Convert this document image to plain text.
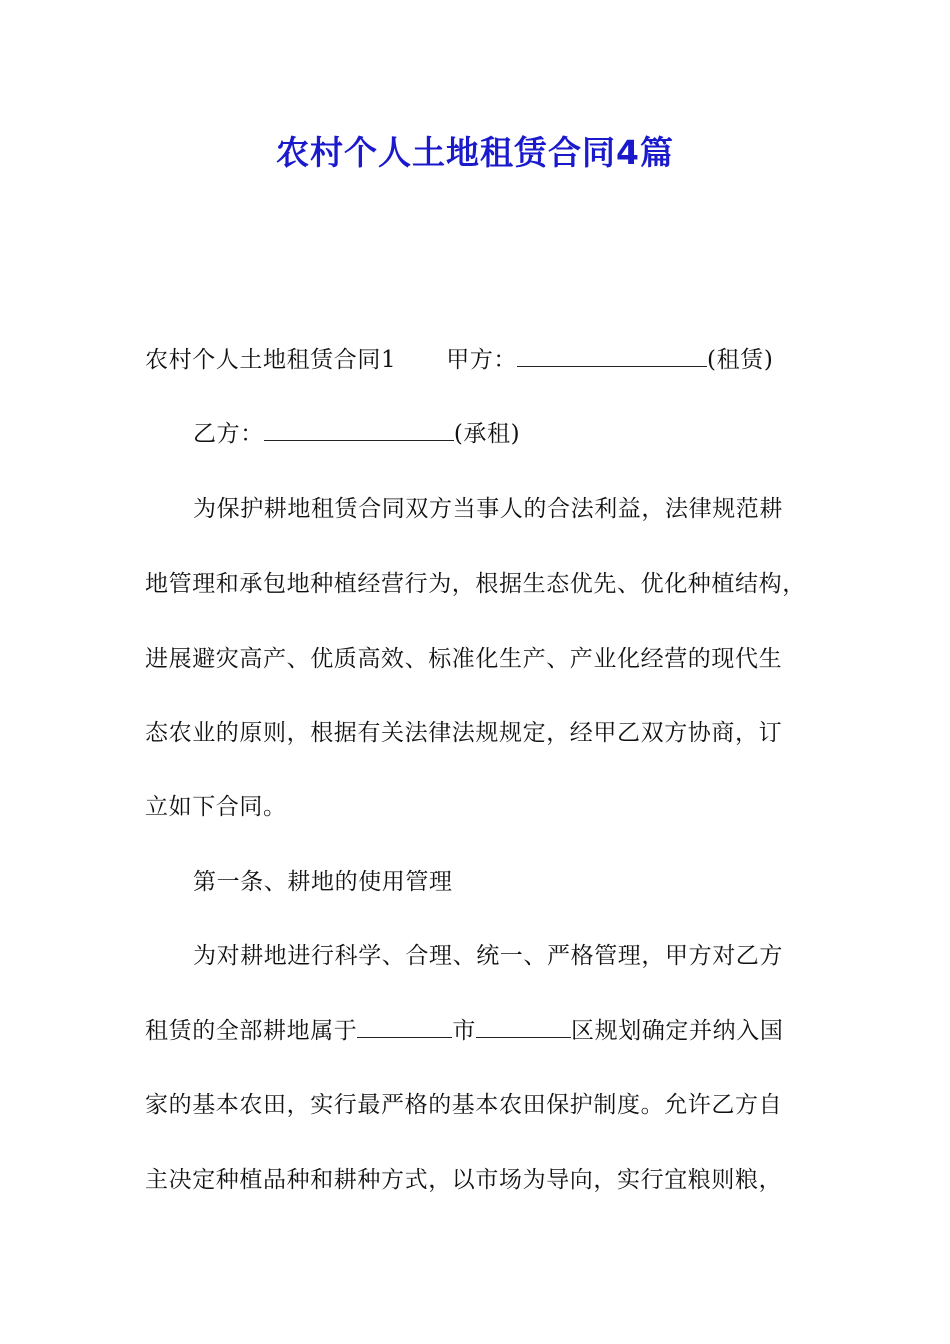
农村个人土地租赁合同4篇
农村个人土地租赁合同1 甲方：	(租赁)
乙方：	(承租)
为保护耕地租赁合同双方当事人的合法利益，法律规范耕
地管理和承包地种植经营行为，根据生态优先、优化种植结构，
进展避灾高产、优质高效、标准化生产、产业化经营的现代生
态农业的原则，根据有关法律法规规定，经甲乙双方协商，订
立如下合同。
第一条、耕地的使用管理
为对耕地进行科学、合理、统一、严格管理，甲方对乙方
租赁的全部耕地属于	市	区规划确定并纳入国
家的基本农田，实行最严格的基本农田保护制度。允许乙方自
主决定种植品种和耕种方式，以市场为导向，实行宜粮则粮，
